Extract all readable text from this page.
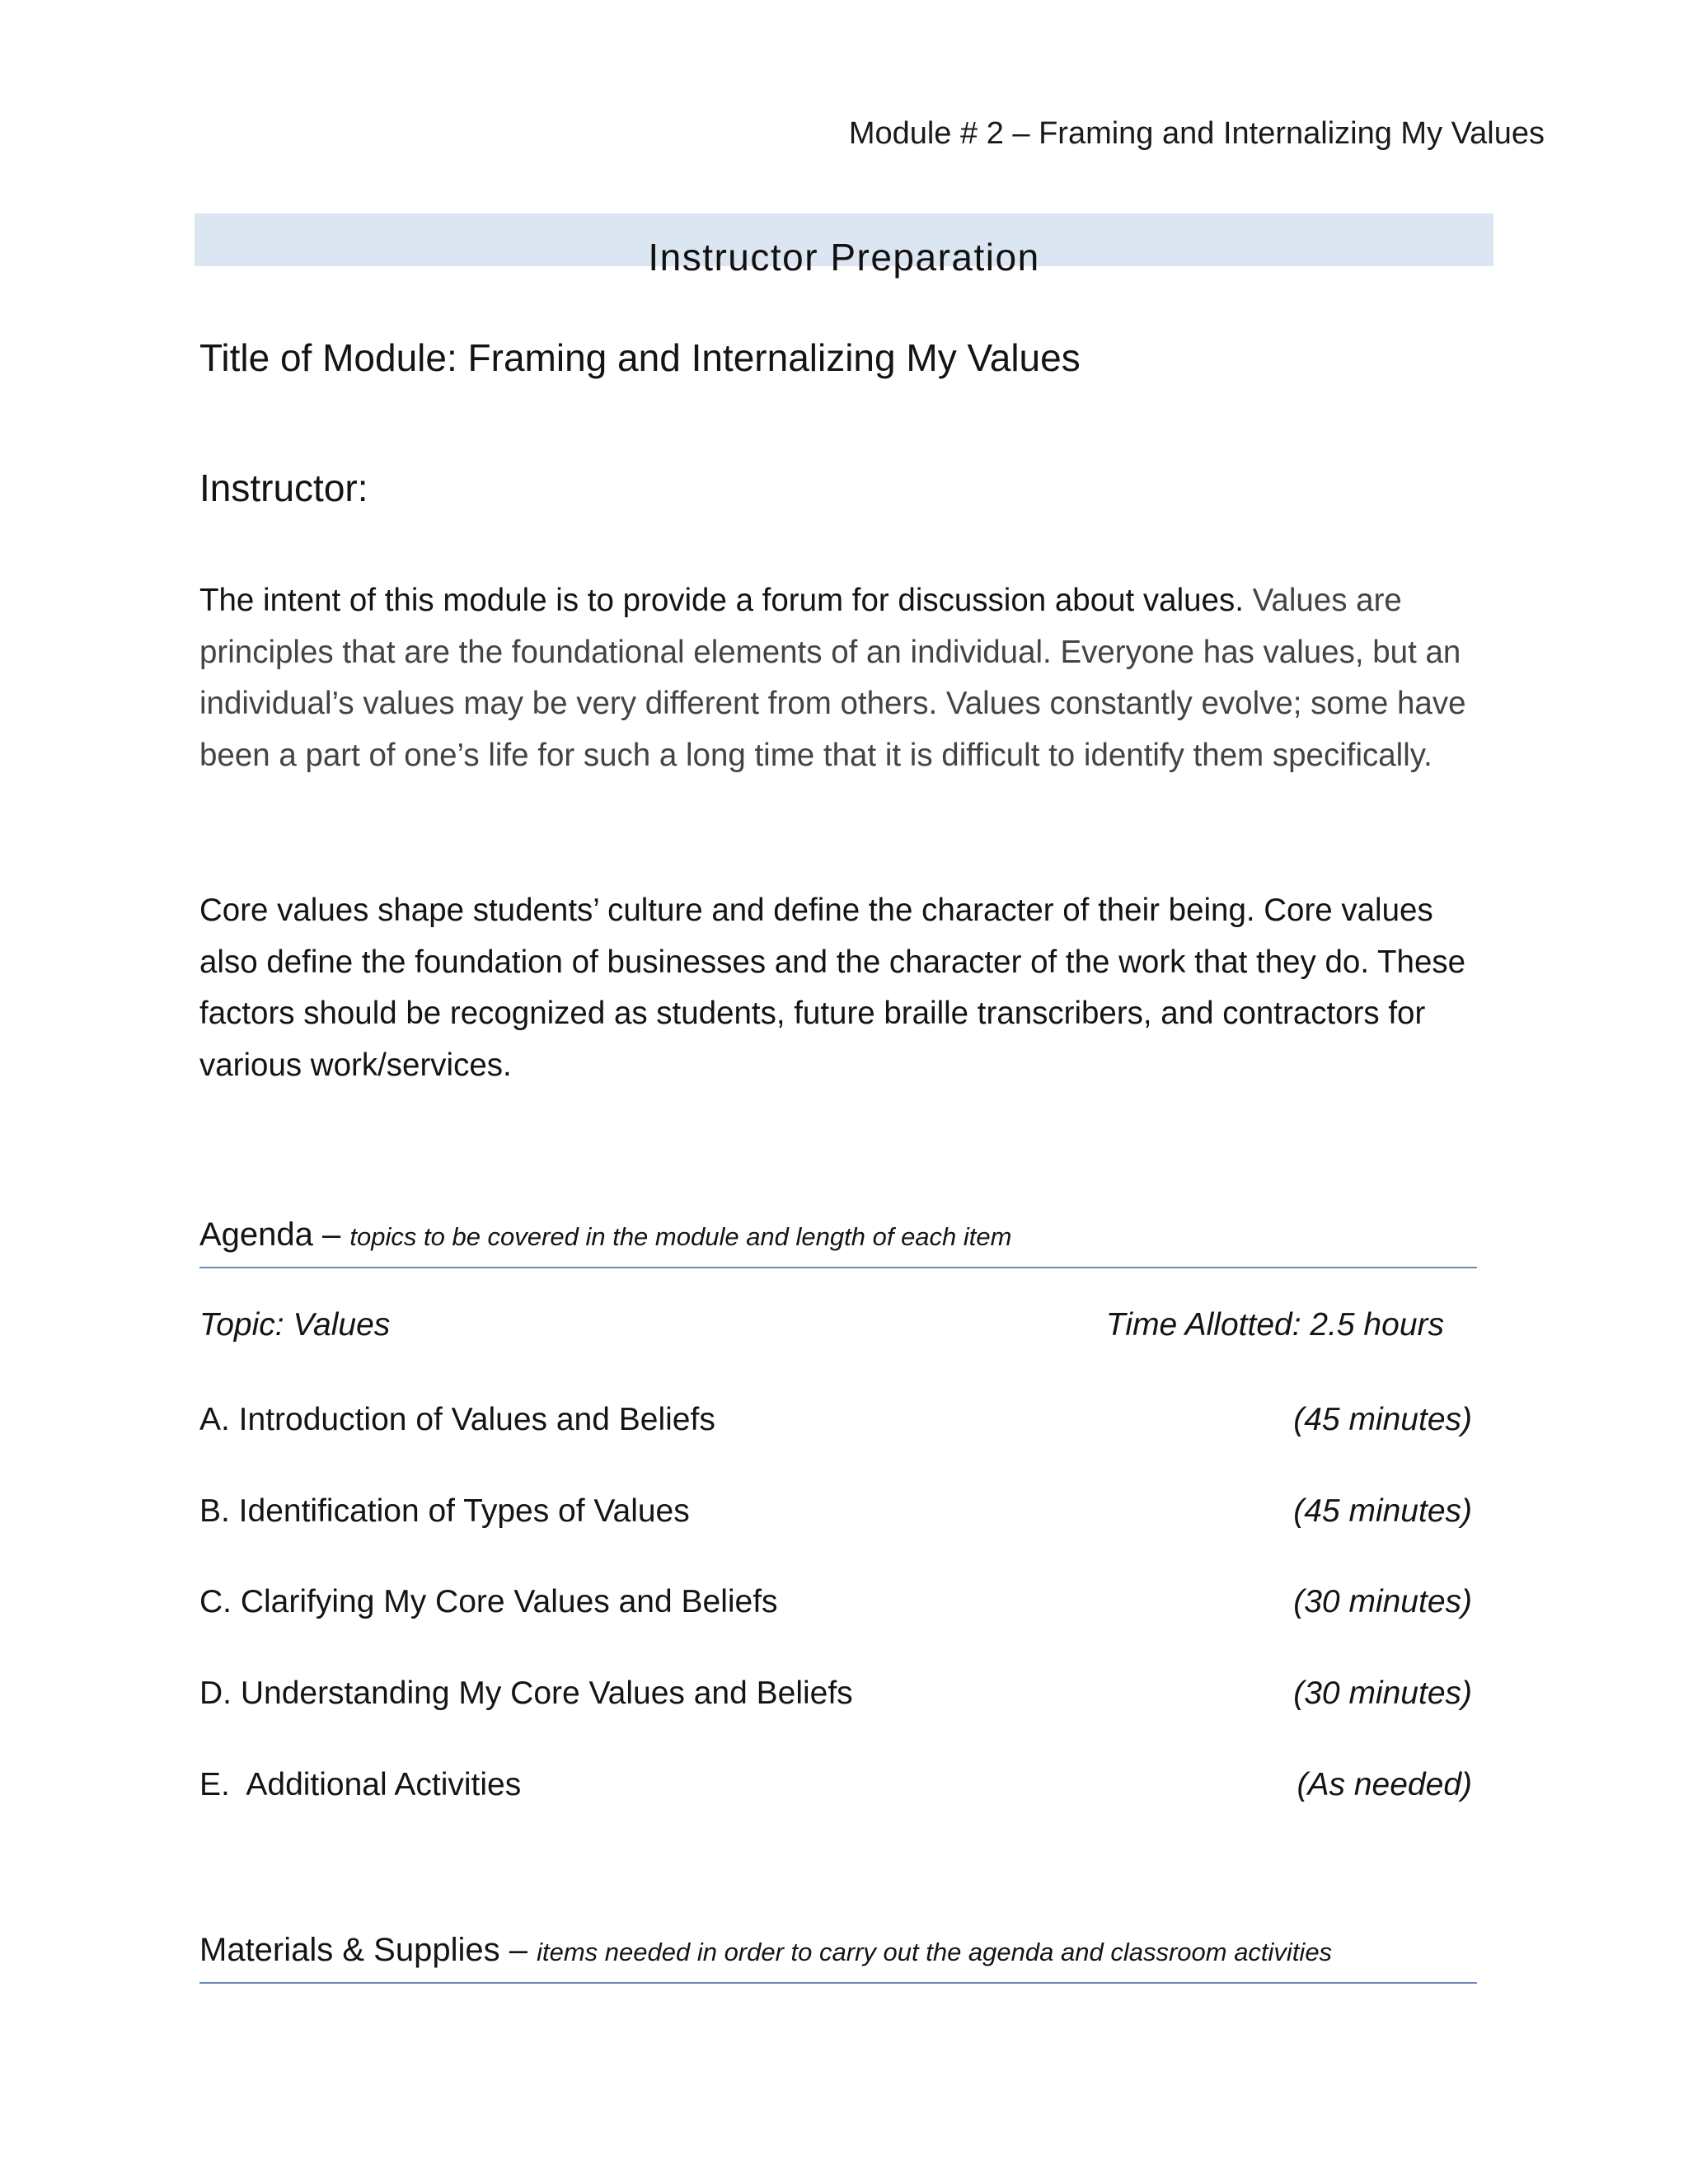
Module # 2 – Framing and Internalizing My Values
Instructor Preparation
Title of Module: Framing and Internalizing My Values
Instructor:
The intent of this module is to provide a forum for discussion about values. Values are principles that are the foundational elements of an individual. Everyone has values, but an individual’s values may be very different from others. Values constantly evolve; some have been a part of one’s life for such a long time that it is difficult to identify them specifically.
Core values shape students’ culture and define the character of their being. Core values also define the foundation of businesses and the character of the work that they do. These factors should be recognized as students, future braille transcribers, and contractors for various work/services.
Agenda – topics to be covered in the module and length of each item
Topic: Values	Time Allotted: 2.5 hours
A. Introduction of Values and Beliefs	(45 minutes)
B. Identification of Types of Values	(45 minutes)
C. Clarifying My Core Values and Beliefs	(30 minutes)
D. Understanding My Core Values and Beliefs	(30 minutes)
E.  Additional Activities	(As needed)
Materials & Supplies – items needed in order to carry out the agenda and classroom activities
